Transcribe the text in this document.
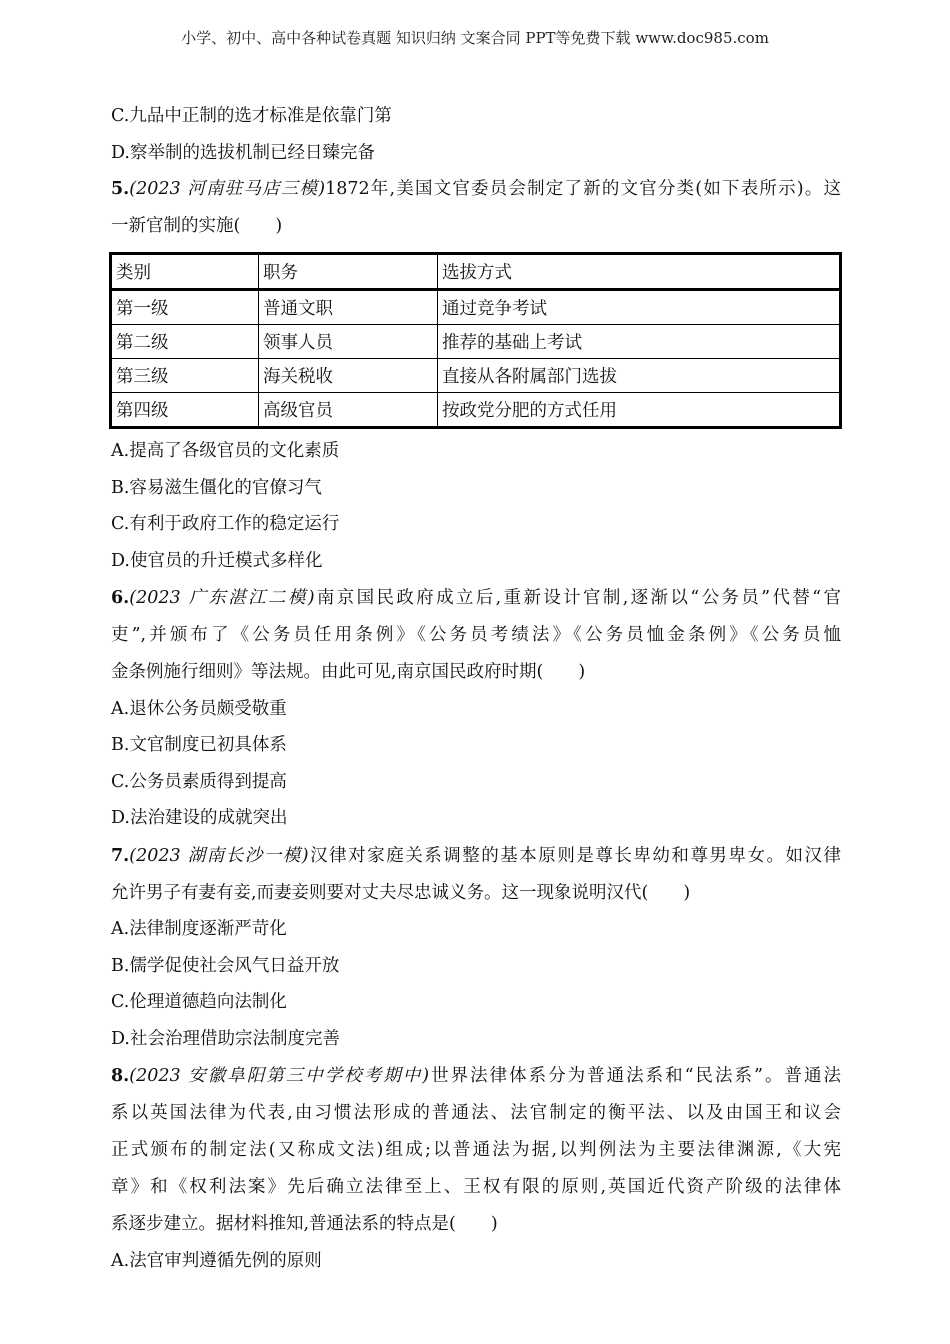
小学、初中、高中各种试卷真题 知识归纳 文案合同 PPT等免费下载 www.doc985.com
C.九品中正制的选才标准是依靠门第
D.察举制的选拔机制已经日臻完备
5.(2023 河南驻马店三模)1872年,美国文官委员会制定了新的文官分类(如下表所示)。这
一新官制的实施(　　)
类别	职务	选拔方式
第一级	普通文职	通过竞争考试
第二级	领事人员	推荐的基础上考试
第三级	海关税收	直接从各附属部门选拔
第四级	高级官员	按政党分肥的方式任用
A.提高了各级官员的文化素质
B.容易滋生僵化的官僚习气
C.有利于政府工作的稳定运行
D.使官员的升迁模式多样化
6.(2023 广东湛江二模)南京国民政府成立后,重新设计官制,逐渐以“公务员”代替“官
吏”,并颁布了《公务员任用条例》《公务员考绩法》《公务员恤金条例》《公务员恤
金条例施行细则》等法规。由此可见,南京国民政府时期(　　)
A.退休公务员颇受敬重
B.文官制度已初具体系
C.公务员素质得到提高
D.法治建设的成就突出
7.(2023 湖南长沙一模)汉律对家庭关系调整的基本原则是尊长卑幼和尊男卑女。如汉律
允许男子有妻有妾,而妻妾则要对丈夫尽忠诚义务。这一现象说明汉代(　　)
A.法律制度逐渐严苛化
B.儒学促使社会风气日益开放
C.伦理道德趋向法制化
D.社会治理借助宗法制度完善
8.(2023 安徽阜阳第三中学校考期中)世界法律体系分为普通法系和“民法系”。普通法
系以英国法律为代表,由习惯法形成的普通法、法官制定的衡平法、以及由国王和议会
正式颁布的制定法(又称成文法)组成;以普通法为据,以判例法为主要法律渊源,《大宪
章》和《权利法案》先后确立法律至上、王权有限的原则,英国近代资产阶级的法律体
系逐步建立。据材料推知,普通法系的特点是(　　)
A.法官审判遵循先例的原则
